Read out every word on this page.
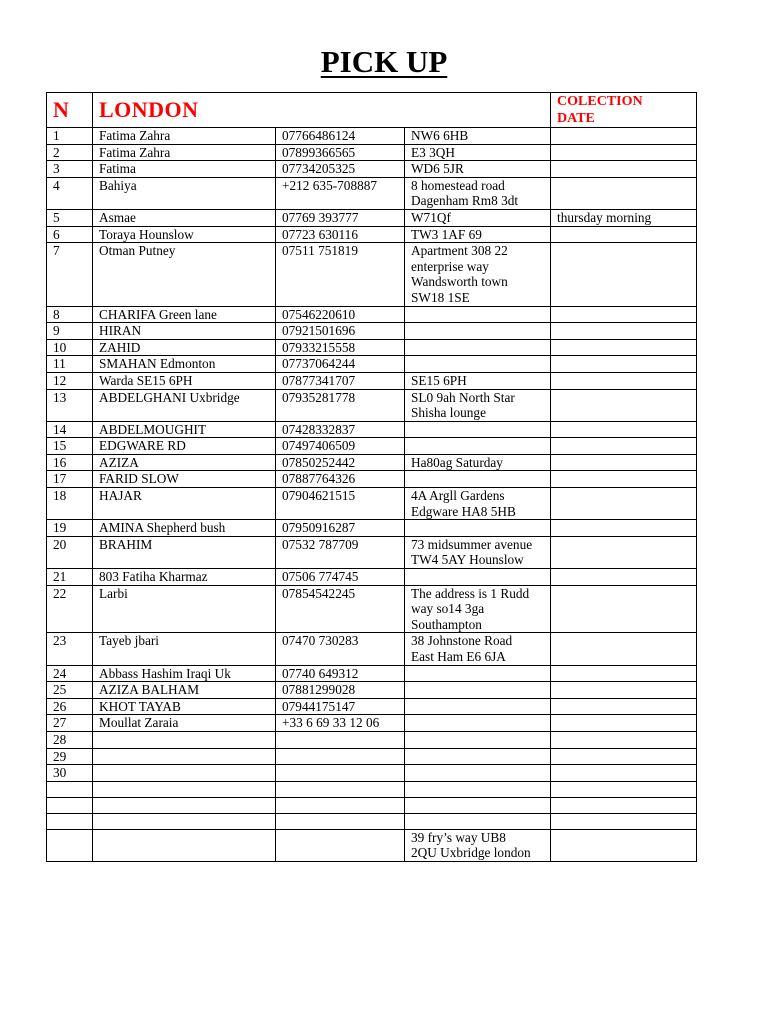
PICK UP
N	LONDON			COLECTION
DATE

1	Fatima Zahra	07766486124	NW6 6HB	

2	Fatima Zahra	07899366565	E3 3QH	

3	Fatima	07734205325	WD6 5JR	

4	Bahiya	+212 635-708887	8 homestead road
Dagenham Rm8 3dt	

5	Asmae	07769 393777	W71Qf	thursday morning
6	Toraya Hounslow	07723 630116	TW3 1AF 69	

7	Otman Putney	07511 751819	Apartment 308 22
enterprise way
Wandsworth town
SW18 1SE	

8	CHARIFA Green lane	07546220610	

9	HIRAN	07921501696	

10	ZAHID	07933215558	

11	SMAHAN Edmonton	07737064244	

12	Warda SE15 6PH	07877341707	SE15 6PH	

13	ABDELGHANI Uxbridge	07935281778	SL0 9ah North Star
Shisha lounge	

14	ABDELMOUGHIT	07428332837	

15	EDGWARE RD	07497406509	

16	AZIZA	07850252442	Ha80ag Saturday	

17	FARID SLOW	07887764326	

18	HAJAR	07904621515	4A Argll Gardens
Edgware HA8 5HB	

19	AMINA Shepherd bush	07950916287	

20	BRAHIM	07532 787709	73 midsummer avenue
TW4 5AY Hounslow	

21	803 Fatiha Kharmaz	07506 774745	

22	Larbi	07854542245	The address is 1 Rudd
way so14 3ga
Southampton	

23	Tayeb jbari	07470 730283	38 Johnstone Road
East Ham E6 6JA	

24	Abbass Hashim Iraqi Uk	07740 649312	

25	AZIZA BALHAM	07881299028	

26	KHOT TAYAB	07944175147	

27	Moullat Zaraia	+33 6 69 33 12 06	

28			

29			

30			

			39 fry’s way UB8
2QU Uxbridge london	
